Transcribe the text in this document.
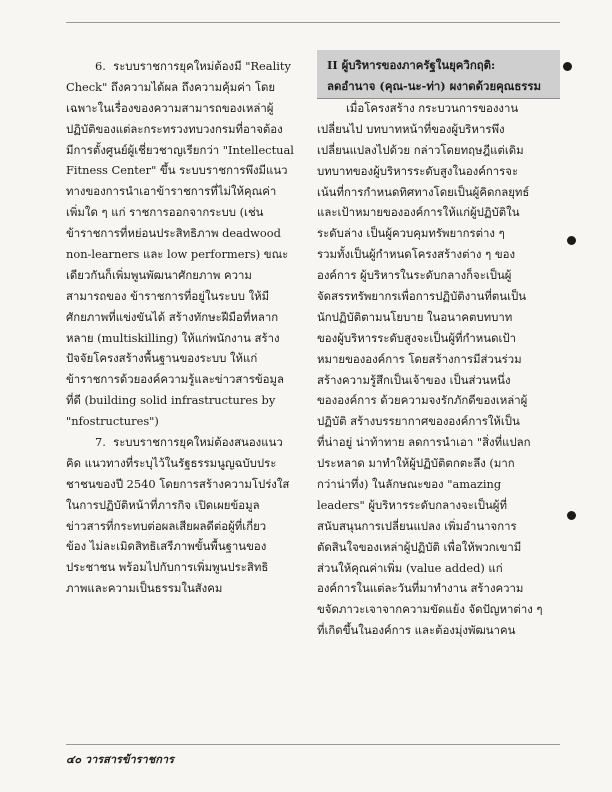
6.  ระบบราชการยุคใหม่ต้องมี "Reality
Check" ถึงความได้ผล ถึงความคุ้มค่า โดย
เฉพาะในเรื่องของความสามารถของเหล่าผู้
ปฏิบัติของแต่ละกระทรวงทบวงกรมที่อาจต้อง
มีการตั้งศูนย์ผู้เชี่ยวชาญเรียกว่า "Intellectual
Fitness Center" ขึ้น ระบบราชการพึงมีแนว
ทางของการนำเอาข้าราชการที่ไม่ให้คุณค่า
เพิ่มใด ๆ แก่ ราชการออกจากระบบ (เช่น
ข้าราชการที่หย่อนประสิทธิภาพ deadwood
non-learners และ low performers) ขณะ
เดียวกันก็เพิ่มพูนพัฒนาศักยภาพ ความ
สามารถของ ข้าราชการที่อยู่ในระบบ ให้มี
ศักยภาพที่แข่งขันได้ สร้างทักษะฝีมือที่หลาก
หลาย (multiskilling) ให้แก่พนักงาน สร้าง
ปัจจัยโครงสร้างพื้นฐานของระบบ ให้แก่
ข้าราชการด้วยองค์ความรู้และข่าวสารข้อมูล
ที่ดี (building solid infrastructures by
"nfostructures")
7.  ระบบราชการยุคใหม่ต้องสนองแนว
คิด แนวทางที่ระบุไว้ในรัฐธรรมนูญฉบับประ
ชาชนของปี 2540 โดยการสร้างความโปร่งใส
ในการปฏิบัติหน้าที่ภารกิจ เปิดเผยข้อมูล
ข่าวสารที่กระทบต่อผลเสียผลดีต่อผู้ที่เกี่ยว
ข้อง ไม่ละเมิดสิทธิเสรีภาพขั้นพื้นฐานของ
ประชาชน พร้อมไปกับการเพิ่มพูนประสิทธิ
ภาพและความเป็นธรรมในสังคม
II ผู้บริหารของภาครัฐในยุควิกฤติ:
ลดอำนาจ (คุณ-นะ-ท่า) ผงาดด้วยคุณธรรม
เมื่อโครงสร้าง กระบวนการของงาน
เปลี่ยนไป บทบาทหน้าที่ของผู้บริหารพึง
เปลี่ยนแปลงไปด้วย กล่าวโดยทฤษฎีแต่เดิม
บทบาทของผู้บริหารระดับสูงในองค์การจะ
เน้นที่การกำหนดทิศทางโดยเป็นผู้คิดกลยุทธ์
และเป้าหมายขององค์การให้แก่ผู้ปฏิบัติใน
ระดับล่าง เป็นผู้ควบคุมทรัพยากรต่าง ๆ
รวมทั้งเป็นผู้กำหนดโครงสร้างต่าง ๆ ของ
องค์การ ผู้บริหารในระดับกลางก็จะเป็นผู้
จัดสรรทรัพยากรเพื่อการปฏิบัติงานที่ตนเป็น
นักปฏิบัติตามนโยบาย ในอนาคตบทบาท
ของผู้บริหารระดับสูงจะเป็นผู้ที่กำหนดเป้า
หมายขององค์การ โดยสร้างการมีส่วนร่วม
สร้างความรู้สึกเป็นเจ้าของ เป็นส่วนหนึ่ง
ขององค์การ ด้วยความจงรักภักดีของเหล่าผู้
ปฏิบัติ สร้างบรรยากาศขององค์การให้เป็น
ที่น่าอยู่ น่าท้าทาย ลดการนำเอา "สิ่งที่แปลก
ประหลาด มาทำให้ผู้ปฏิบัติตกตะลึง (มาก
กว่าน่าทึ่ง) ในลักษณะของ "amazing
leaders" ผู้บริหารระดับกลางจะเป็นผู้ที่
สนับสนุนการเปลี่ยนแปลง เพิ่มอำนาจการ
ตัดสินใจของเหล่าผู้ปฏิบัติ เพื่อให้พวกเขามี
ส่วนให้คุณค่าเพิ่ม (value added) แก่
องค์การในแต่ละวันที่มาทำงาน สร้างความ
ขจัดภาวะเจาจากความขัดแย้ง จัดปัญหาต่าง ๆ
ที่เกิดขึ้นในองค์การ และต้องมุ่งพัฒนาคน
๔๐ วารสารข้าราชการ
